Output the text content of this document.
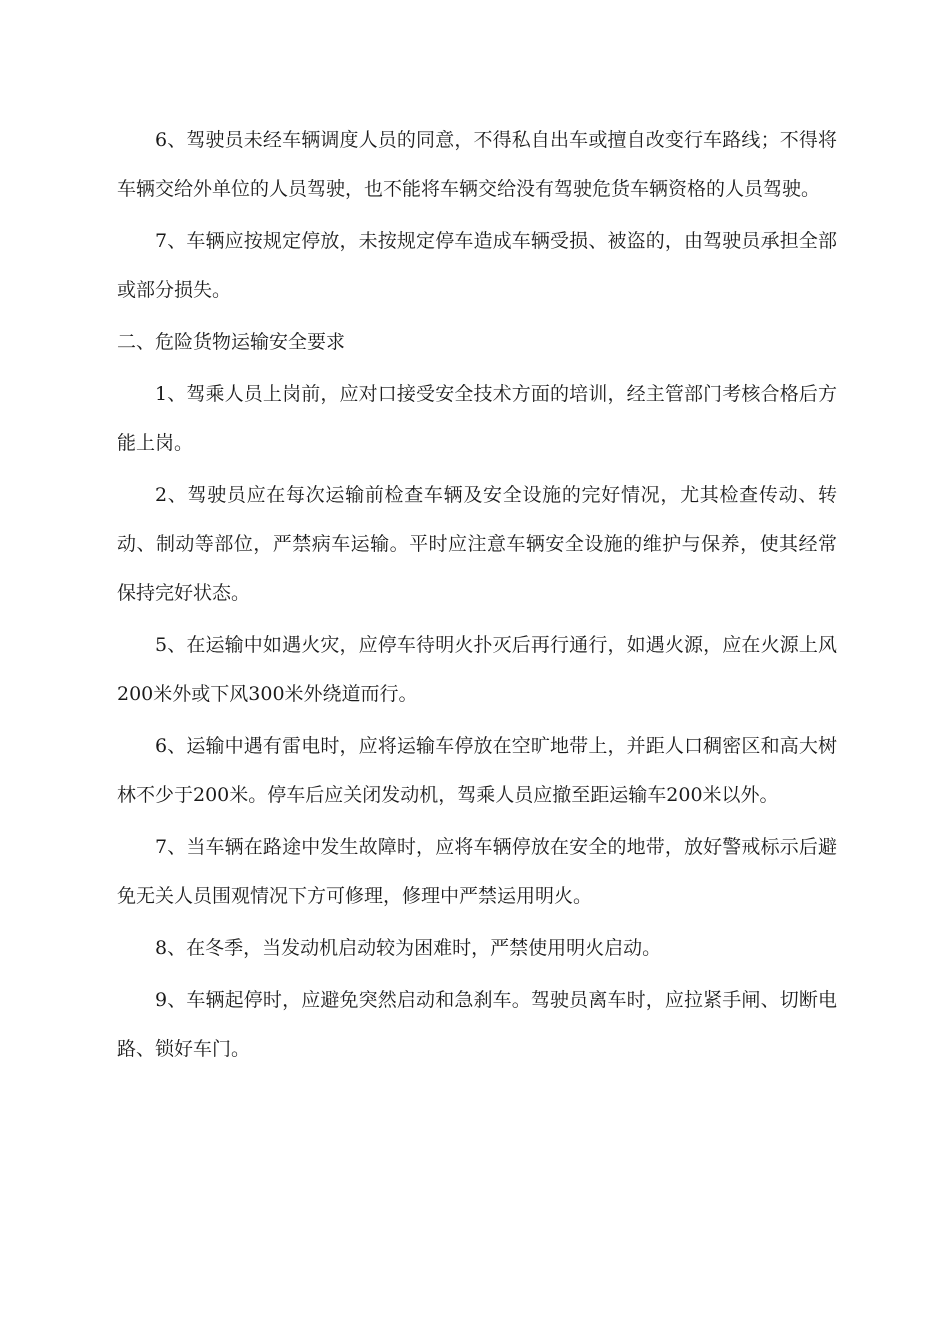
6、驾驶员未经车辆调度人员的同意，不得私自出车或擅自改变行车路线；不得将车辆交给外单位的人员驾驶，也不能将车辆交给没有驾驶危货车辆资格的人员驾驶。

7、车辆应按规定停放，未按规定停车造成车辆受损、被盗的，由驾驶员承担全部或部分损失。

二、危险货物运输安全要求

1、驾乘人员上岗前，应对口接受安全技术方面的培训，经主管部门考核合格后方能上岗。

2、驾驶员应在每次运输前检查车辆及安全设施的完好情况，尤其检查传动、转动、制动等部位，严禁病车运输。平时应注意车辆安全设施的维护与保养，使其经常保持完好状态。

5、在运输中如遇火灾，应停车待明火扑灭后再行通行，如遇火源，应在火源上风200米外或下风300米外绕道而行。

6、运输中遇有雷电时，应将运输车停放在空旷地带上，并距人口稠密区和高大树林不少于200米。停车后应关闭发动机，驾乘人员应撤至距运输车200米以外。

7、当车辆在路途中发生故障时，应将车辆停放在安全的地带，放好警戒标示后避免无关人员围观情况下方可修理，修理中严禁运用明火。

8、在冬季，当发动机启动较为困难时，严禁使用明火启动。

9、车辆起停时，应避免突然启动和急刹车。驾驶员离车时，应拉紧手闸、切断电路、锁好车门。
